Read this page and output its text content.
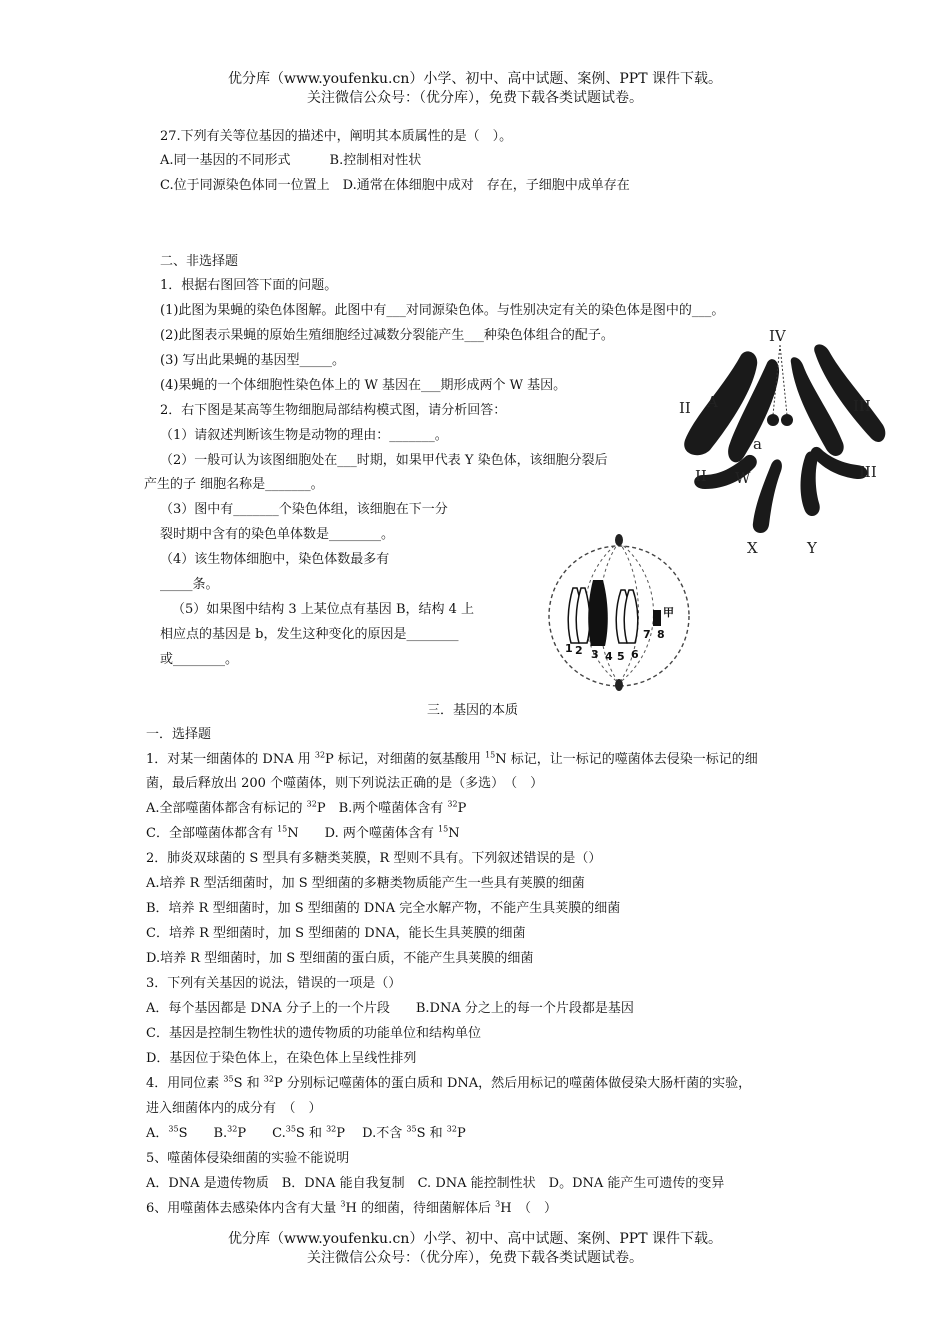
优分库（www.youfenku.cn）小学、初中、高中试题、案例、PPT 课件下载。
关注微信公众号：（优分库），免费下载各类试题试卷。
27.下列有关等位基因的描述中，阐明其本质属性的是（　）。
A.同一基因的不同形式　　　B.控制相对性状
C.位于同源染色体同一位置上　D.通常在体细胞中成对　存在，子细胞中成单存在
二、非选择题
1．根据右图回答下面的问题。
(1)此图为果蝇的染色体图解。此图中有___对同源染色体。与性别决定有关的染色体是图中的___。
(2)此图表示果蝇的原始生殖细胞经过减数分裂能产生___种染色体组合的配子。
(3) 写出此果蝇的基因型_____。
(4)果蝇的一个体细胞性染色体上的 W 基因在___期形成两个 W 基因。
2．右下图是某高等生物细胞局部结构模式图，请分析回答：
（1）请叙述判断该生物是动物的理由：_______。
（2）一般可认为该图细胞处在___时期，如果甲代表 Y 染色体，该细胞分裂后
产生的子 细胞名称是_______。
（3）图中有_______个染色体组，该细胞在下一分
裂时期中含有的染色单体数是________。
（4）该生物体细胞中，染色体数最多有
_____条。
（5）如果图中结构 3 上某位点有基因 B，结构 4 上
相应点的基因是 b，发生这种变化的原因是________
或________。
IV
II A
a
III
II W	III
X	Y
甲
1 2 3 4 5 6
7 8
三．基因的本质
一．选择题
1．对某一细菌体的 DNA 用 $^{32}$P 标记，对细菌的氨基酸用 $^{15}$N 标记，让一标记的噬菌体去侵染一标记的细
菌，最后释放出 200 个噬菌体，则下列说法正确的是（多选）　（　）
A.全部噬菌体都含有标记的 $^{32}$P　B.两个噬菌体含有 $^{32}$P
C．全部噬菌体都含有 $^{15}$N　　D. 两个噬菌体含有 $^{15}$N
2．肺炎双球菌的 S 型具有多糖类荚膜，R 型则不具有。下列叙述错误的是（）
A.培养 R 型活细菌时，加 S 型细菌的多糖类物质能产生一些具有荚膜的细菌
B．培养 R 型细菌时，加 S 型细菌的 DNA 完全水解产物，不能产生具荚膜的细菌
C．培养 R 型细菌时，加 S 型细菌的 DNA，能长生具荚膜的细菌
D.培养 R 型细菌时，加 S 型细菌的蛋白质，不能产生具荚膜的细菌
3．下列有关基因的说法，错误的一项是（）
A．每个基因都是 DNA 分子上的一个片段　　B.DNA 分之上的每一个片段都是基因
C．基因是控制生物性状的遗传物质的功能单位和结构单位
D．基因位于染色体上，在染色体上呈线性排列
4．用同位素 $^{35}$S 和 $^{32}$P 分别标记噬菌体的蛋白质和 DNA，然后用标记的噬菌体做侵染大肠杆菌的实验，
进入细菌体内的成分有　（　）
A．$^{35}$S　　B.$^{32}$P　　C.$^{35}$S 和 $^{32}$P　 D.不含 $^{35}$S 和 $^{32}$P
5、噬菌体侵染细菌的实验不能说明
A．DNA 是遗传物质　B．DNA 能自我复制　C. DNA 能控制性状　D。DNA 能产生可遗传的变异
6、用噬菌体去感染体内含有大量 $^3$H 的细菌，待细菌解体后 $^3$H　（　）
优分库（www.youfenku.cn）小学、初中、高中试题、案例、PPT 课件下载。
关注微信公众号：（优分库），免费下载各类试题试卷。
